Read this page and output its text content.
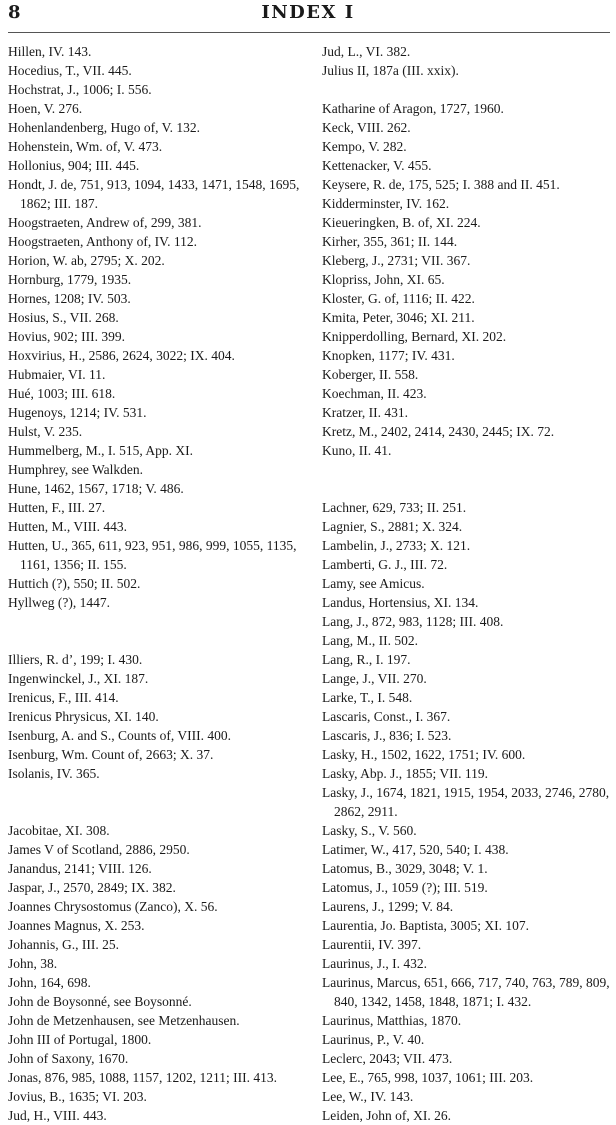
8	INDEX I
Hillen, IV. 143.
Hocedius, T., VII. 445.
Hochstrat, J., 1006; I. 556.
Hoen, V. 276.
Hohenlandenberg, Hugo of, V. 132.
Hohenstein, Wm. of, V. 473.
Hollonius, 904; III. 445.
Hondt, J. de, 751, 913, 1094, 1433, 1471, 1548, 1695, 1862; III. 187.
Hoogstraeten, Andrew of, 299, 381.
Hoogstraeten, Anthony of, IV. 112.
Horion, W. ab, 2795; X. 202.
Hornburg, 1779, 1935.
Hornes, 1208; IV. 503.
Hosius, S., VII. 268.
Hovius, 902; III. 399.
Hoxvirius, H., 2586, 2624, 3022; IX. 404.
Hubmaier, VI. 11.
Hué, 1003; III. 618.
Hugenoys, 1214; IV. 531.
Hulst, V. 235.
Hummelberg, M., I. 515, App. XI.
Humphrey, see Walkden.
Hune, 1462, 1567, 1718; V. 486.
Hutten, F., III. 27.
Hutten, M., VIII. 443.
Hutten, U., 365, 611, 923, 951, 986, 999, 1055, 1135, 1161, 1356; II. 155.
Huttich (?), 550; II. 502.
Hyllweg (?), 1447.
Illiers, R. d’, 199; I. 430.
Ingenwinckel, J., XI. 187.
Irenicus, F., III. 414.
Irenicus Phrysicus, XI. 140.
Isenburg, A. and S., Counts of, VIII. 400.
Isenburg, Wm. Count of, 2663; X. 37.
Isolanis, IV. 365.
Jacobitae, XI. 308.
James V of Scotland, 2886, 2950.
Janandus, 2141; VIII. 126.
Jaspar, J., 2570, 2849; IX. 382.
Joannes Chrysostomus (Zanco), X. 56.
Joannes Magnus, X. 253.
Johannis, G., III. 25.
John, 38.
John, 164, 698.
John de Boysonné, see Boysonné.
John de Metzenhausen, see Metzenhausen.
John III of Portugal, 1800.
John of Saxony, 1670.
Jonas, 876, 985, 1088, 1157, 1202, 1211; III. 413.
Jovius, B., 1635; VI. 203.
Jud, H., VIII. 443.
Jud, L., VI. 382.
Julius II, 187a (III. xxix).
Katharine of Aragon, 1727, 1960.
Keck, VIII. 262.
Kempo, V. 282.
Kettenacker, V. 455.
Keysere, R. de, 175, 525; I. 388 and II. 451.
Kidderminster, IV. 162.
Kieueringken, B. of, XI. 224.
Kirher, 355, 361; II. 144.
Kleberg, J., 2731; VII. 367.
Klopriss, John, XI. 65.
Kloster, G. of, 1116; II. 422.
Kmita, Peter, 3046; XI. 211.
Knipperdolling, Bernard, XI. 202.
Knopken, 1177; IV. 431.
Koberger, II. 558.
Koechman, II. 423.
Kratzer, II. 431.
Kretz, M., 2402, 2414, 2430, 2445; IX. 72.
Kuno, II. 41.
Lachner, 629, 733; II. 251.
Lagnier, S., 2881; X. 324.
Lambelin, J., 2733; X. 121.
Lamberti, G. J., III. 72.
Lamy, see Amicus.
Landus, Hortensius, XI. 134.
Lang, J., 872, 983, 1128; III. 408.
Lang, M., II. 502.
Lang, R., I. 197.
Lange, J., VII. 270.
Larke, T., I. 548.
Lascaris, Const., I. 367.
Lascaris, J., 836; I. 523.
Lasky, H., 1502, 1622, 1751; IV. 600.
Lasky, Abp. J., 1855; VII. 119.
Lasky, J., 1674, 1821, 1915, 1954, 2033, 2746, 2780, 2862, 2911.
Lasky, S., V. 560.
Latimer, W., 417, 520, 540; I. 438.
Latomus, B., 3029, 3048; V. 1.
Latomus, J., 1059 (?); III. 519.
Laurens, J., 1299; V. 84.
Laurentia, Jo. Baptista, 3005; XI. 107.
Laurentii, IV. 397.
Laurinus, J., I. 432.
Laurinus, Marcus, 651, 666, 717, 740, 763, 789, 809, 840, 1342, 1458, 1848, 1871; I. 432.
Laurinus, Matthias, 1870.
Laurinus, P., V. 40.
Leclerc, 2043; VII. 473.
Lee, E., 765, 998, 1037, 1061; III. 203.
Lee, W., IV. 143.
Leiden, John of, XI. 26.
